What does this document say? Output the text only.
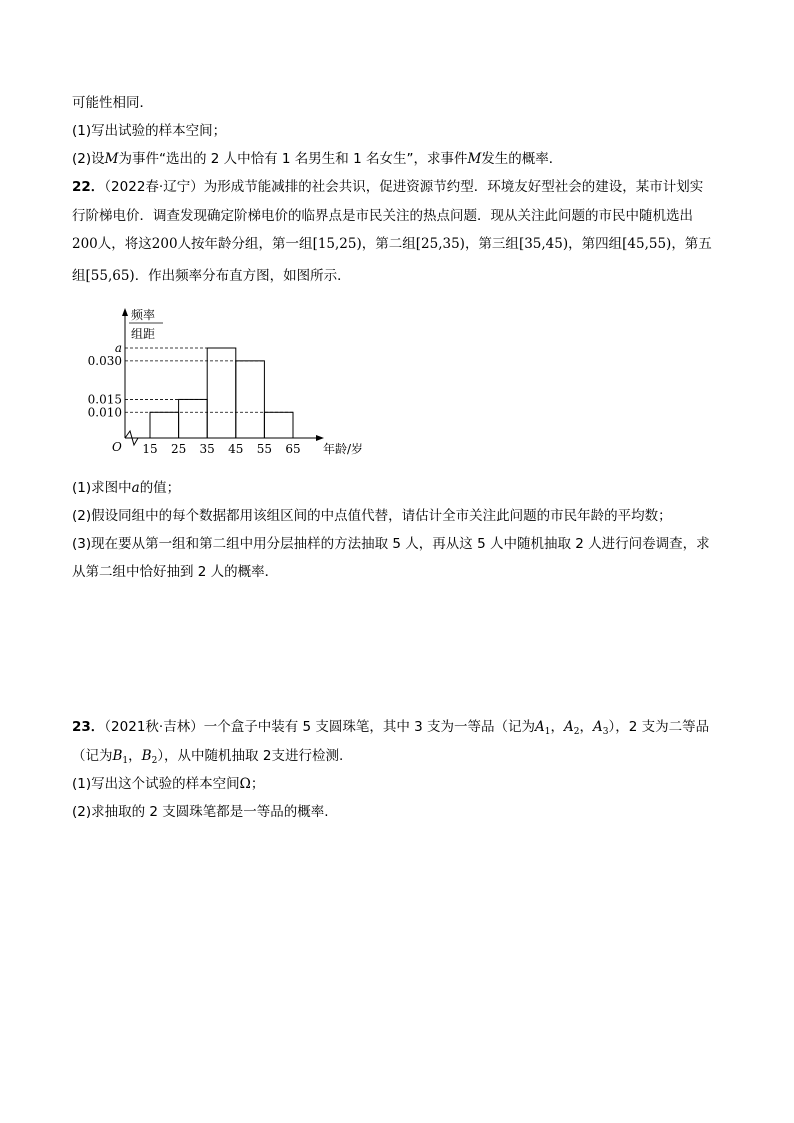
可能性相同．
(1)写出试验的样本空间；
(2)设M为事件“选出的 2 人中恰有 1 名男生和 1 名女生”，求事件M发生的概率．
22．（2022春·辽宁）为形成节能减排的社会共识，促进资源节约型．环境友好型社会的建设，某市计划实
行阶梯电价．调查发现确定阶梯电价的临界点是市民关注的热点问题．现从关注此问题的市民中随机选出
200人，将这200人按年龄分组，第一组[15,25)，第二组[25,35)，第三组[35,45)，第四组[45,55)，第五
组[55,65)．作出频率分布直方图，如图所示．
频率
组距
O	年龄/岁
0.010
0.015
0.030
a
15 25 35 45 55 65
(1)求图中a的值；
(2)假设同组中的每个数据都用该组区间的中点值代替，请估计全市关注此问题的市民年龄的平均数；
(3)现在要从第一组和第二组中用分层抽样的方法抽取 5 人，再从这 5 人中随机抽取 2 人进行问卷调查，求
从第二组中恰好抽到 2 人的概率．
23．（2021秋·吉林）一个盒子中装有 5 支圆珠笔，其中 3 支为一等品（记为$A_1$，$A_2$，$A_3$），2 支为二等品
（记为$B_1$，$B_2$），从中随机抽取 2支进行检测.
(1)写出这个试验的样本空间Ω；
(2)求抽取的 2 支圆珠笔都是一等品的概率.
